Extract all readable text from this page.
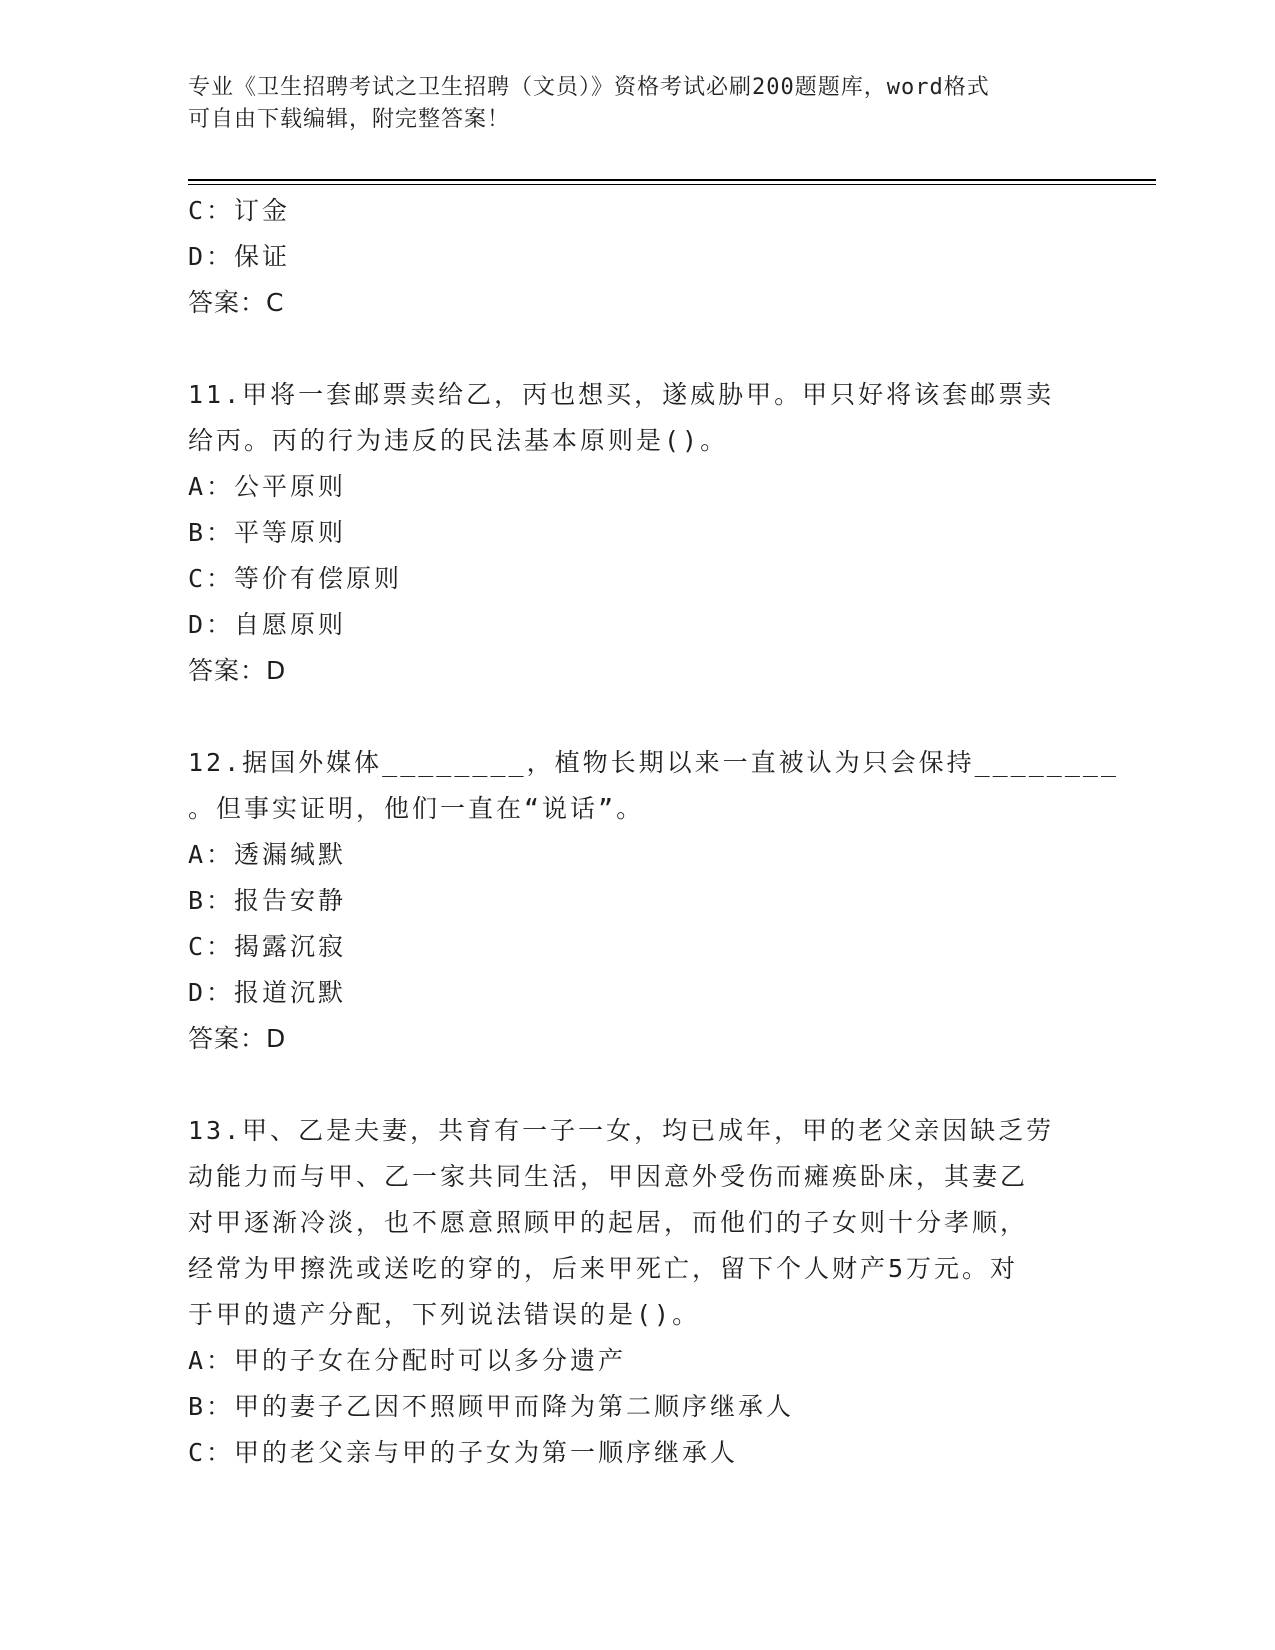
专业《卫生招聘考试之卫生招聘（文员）》资格考试必刷200题题库，word格式
可自由下载编辑，附完整答案！
C：订金
D：保证
答案：C
11.甲将一套邮票卖给乙，丙也想买，遂威胁甲。甲只好将该套邮票卖
给丙。丙的行为违反的民法基本原则是()。
A：公平原则
B：平等原则
C：等价有偿原则
D：自愿原则
答案：D
12.据国外媒体________，植物长期以来一直被认为只会保持________
。但事实证明，他们一直在“说话”。
A：透漏缄默
B：报告安静
C：揭露沉寂
D：报道沉默
答案：D
13.甲、乙是夫妻，共育有一子一女，均已成年，甲的老父亲因缺乏劳
动能力而与甲、乙一家共同生活，甲因意外受伤而瘫痪卧床，其妻乙
对甲逐渐冷淡，也不愿意照顾甲的起居，而他们的子女则十分孝顺，
经常为甲擦洗或送吃的穿的，后来甲死亡，留下个人财产5万元。对
于甲的遗产分配，下列说法错误的是()。
A：甲的子女在分配时可以多分遗产
B：甲的妻子乙因不照顾甲而降为第二顺序继承人
C：甲的老父亲与甲的子女为第一顺序继承人
